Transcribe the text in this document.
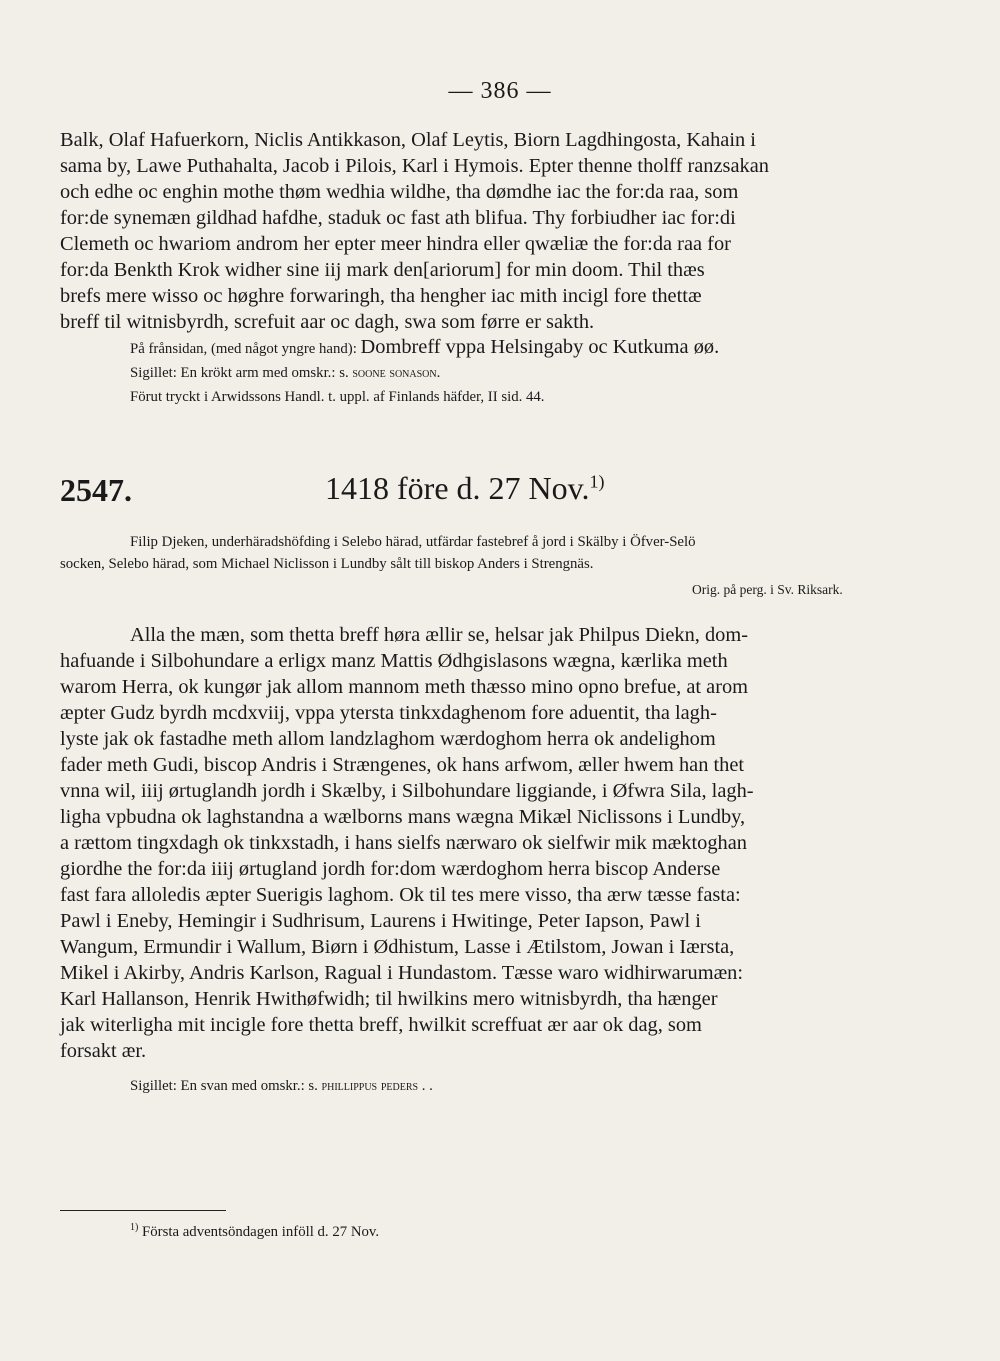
— 386 —
Balk, Olaf Hafuerkorn, Niclis Antikkason, Olaf Leytis, Biorn Lagdhingosta, Kahain i
sama by, Lawe Puthahalta, Jacob i Pilois, Karl i Hymois. Epter thenne tholff ranzsakan
och edhe oc enghin mothe thøm wedhia wildhe, tha dømdhe iac the for:da raa, som
for:de synemæn gildhad hafdhe, staduk oc fast ath blifua. Thy forbiudher iac for:di
Clemeth oc hwariom androm her epter meer hindra eller qwæliæ the for:da raa for
for:da Benkth Krok widher sine iij mark den[ariorum] for min doom. Thil thæs
brefs mere wisso oc høghre forwaringh, tha hengher iac mith incigl fore thettæ
breff til witnisbyrdh, screfuit aar oc dagh, swa som førre er sakth.
På frånsidan, (med något yngre hand): Dombreff vppa Helsingaby oc Kutkuma øø.
Sigillet: En krökt arm med omskr.: s. soone sonason.
Förut tryckt i Arwidssons Handl. t. uppl. af Finlands häfder, II sid. 44.
2547.	1418 före d. 27 Nov.$^{1)}$
Filip Djeken, underhäradshöfding i Selebo härad, utfärdar fastebref å jord i Skälby i Öfver-Selö
socken, Selebo härad, som Michael Niclisson i Lundby sålt till biskop Anders i Strengnäs.
Orig. på perg. i Sv. Riksark.
Alla the mæn, som thetta breff høra ællir se, helsar jak Philpus Diekn, dom-
hafuande i Silbohundare a erligx manz Mattis Ødhgislasons wægna, kærlika meth
warom Herra, ok kungør jak allom mannom meth thæsso mino opno brefue, at arom
æpter Gudz byrdh mcdxviij, vppa ytersta tinkxdaghenom fore aduentit, tha lagh-
lyste jak ok fastadhe meth allom landzlaghom wærdoghom herra ok andelighom
fader meth Gudi, biscop Andris i Strængenes, ok hans arfwom, æller hwem han thet
vnna wil, iiij ørtuglandh jordh i Skælby, i Silbohundare liggiande, i Øfwra Sila, lagh-
ligha vpbudna ok laghstandna a wælborns mans wægna Mikæl Niclissons i Lundby,
a rættom tingxdagh ok tinkxstadh, i hans sielfs nærwaro ok sielfwir mik mæktoghan
giordhe the for:da iiij ørtugland jordh for:dom wærdoghom herra biscop Anderse
fast fara alloledis æpter Suerigis laghom. Ok til tes mere visso, tha ærw tæsse fasta:
Pawl i Eneby, Hemingir i Sudhrisum, Laurens i Hwitinge, Peter Iapson, Pawl i
Wangum, Ermundir i Wallum, Biørn i Ødhistum, Lasse i Ætilstom, Jowan i Iærsta,
Mikel i Akirby, Andris Karlson, Ragual i Hundastom. Tæsse waro widhirwarumæn:
Karl Hallanson, Henrik Hwithøfwidh; til hwilkins mero witnisbyrdh, tha hænger
jak witerligha mit incigle fore thetta breff, hwilkit screffuat ær aar ok dag, som
forsakt ær.
Sigillet: En svan med omskr.: s. phillippus peders . .
$^{1)}$ Första adventsöndagen inföll d. 27 Nov.
